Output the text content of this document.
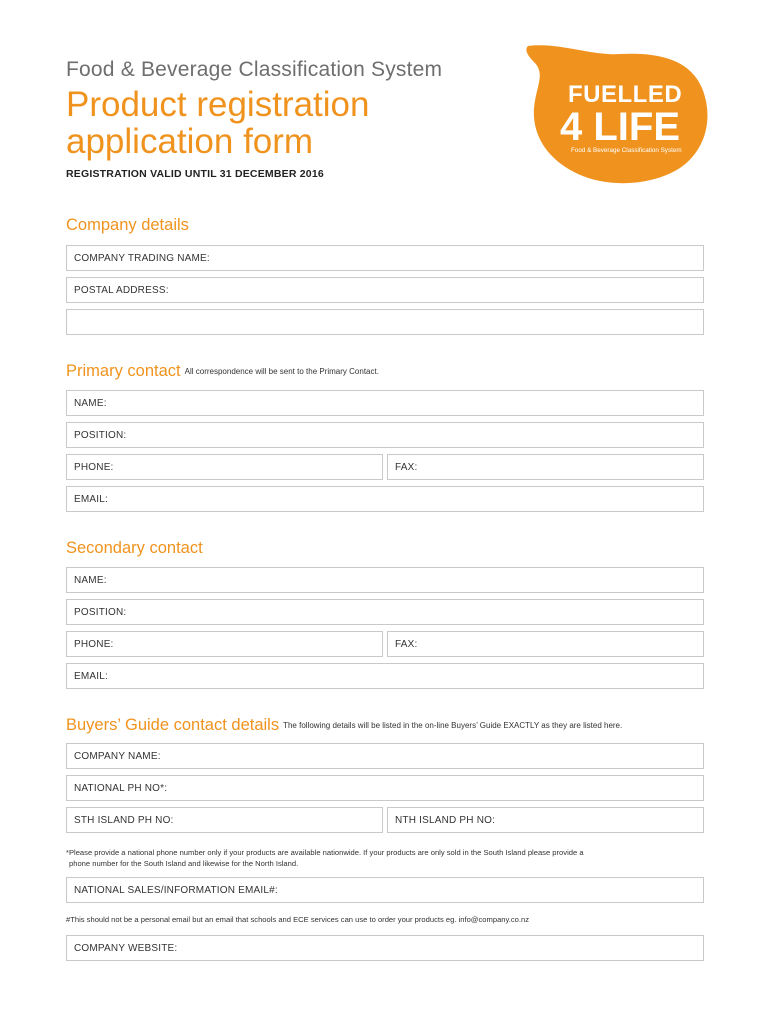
Food & Beverage Classification System
Product registration
application form
REGISTRATION VALID UNTIL 31 DECEMBER 2016
FUELLED
4 LIFE
Food & Beverage Classification System
Company details
COMPANY TRADING NAME:
POSTAL ADDRESS:
Primary contact All correspondence will be sent to the Primary Contact.
NAME:
POSITION:
PHONE:	FAX:
EMAIL:
Secondary contact
NAME:
POSITION:
PHONE:	FAX:
EMAIL:
Buyers’ Guide contact details The following details will be listed in the on-line Buyers’ Guide EXACTLY as they are listed here.
COMPANY NAME:
NATIONAL PH NO*:
STH ISLAND PH NO:	NTH ISLAND PH NO:
*Please provide a national phone number only if your products are available nationwide. If your products are only sold in the South Island please provide a
phone number for the South Island and likewise for the North Island.
NATIONAL SALES/INFORMATION EMAIL#:
#This should not be a personal email but an email that schools and ECE services can use to order your products eg. info@company.co.nz
COMPANY WEBSITE:
